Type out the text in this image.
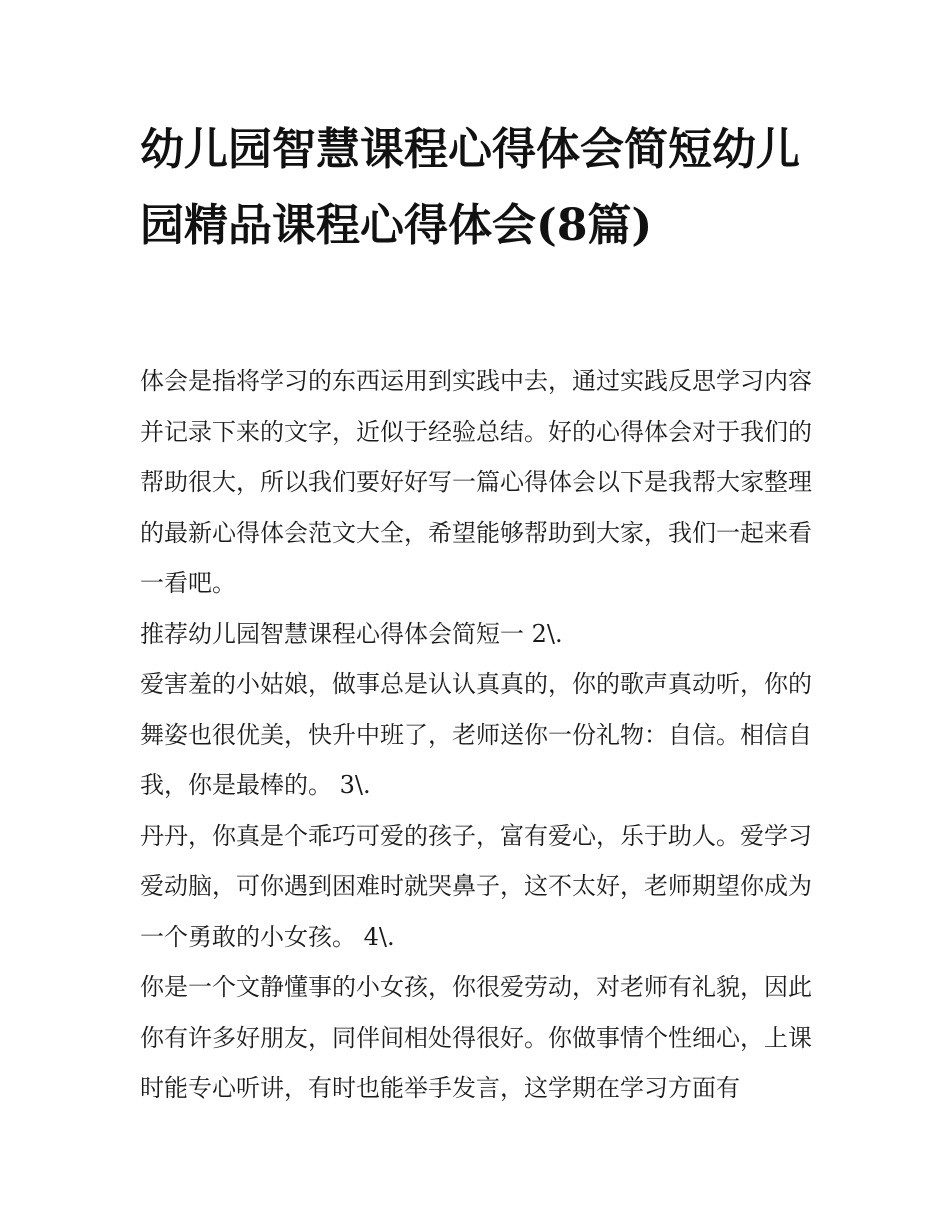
幼儿园智慧课程心得体会简短幼儿园精品课程心得体会(8篇)

体会是指将学习的东西运用到实践中去，通过实践反思学习内容并记录下来的文字，近似于经验总结。好的心得体会对于我们的帮助很大，所以我们要好好写一篇心得体会以下是我帮大家整理的最新心得体会范文大全，希望能够帮助到大家，我们一起来看一看吧。

推荐幼儿园智慧课程心得体会简短一 2\.

爱害羞的小姑娘，做事总是认认真真的，你的歌声真动听，你的舞姿也很优美，快升中班了，老师送你一份礼物：自信。相信自我，你是最棒的。 3\.

丹丹，你真是个乖巧可爱的孩子，富有爱心，乐于助人。爱学习爱动脑，可你遇到困难时就哭鼻子，这不太好，老师期望你成为一个勇敢的小女孩。 4\.

你是一个文静懂事的小女孩，你很爱劳动，对老师有礼貌，因此你有许多好朋友，同伴间相处得很好。你做事情个性细心，上课时能专心听讲，有时也能举手发言，这学期在学习方面有
